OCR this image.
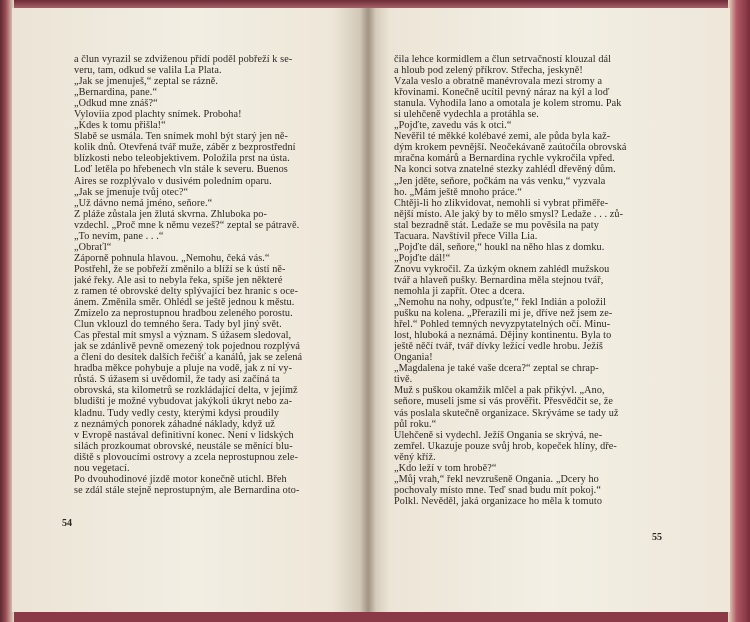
a člun vyrazil se zdviženou přídí poděl pobřeží k se-
veru, tam, odkud se valila La Plata.
„Jak se jmenuješ,“ zeptal se rázně.
„Bernardina, pane.“
„Odkud mne znáš?“
Vyloviia zpod plachty snímek. Proboha!
„Kdes k tomu přišla!“
Slabě se usmála. Ten snímek mohl být starý jen ně-
kolik dnů. Otevřená tvář muže, záběr z bezprostřední
blízkosti nebo teleobjektivem. Položila prst na ústa.
Loď letěla po hřebenech vln stále k severu. Buenos
Aires se rozplývalo v dusivém poledním oparu.
„Jak se jmenuje tvůj otec?“
„Už dávno nemá jméno, seňore.“
Z pláže zůstala jen žlutá skvrna. Zhluboka po-
vzdechl. „Proč mne k němu vezeš?“ zeptal se pátravě.
„To nevím, pane . . .“
„Obraťl“
Záporně pohnula hlavou. „Nemohu, čeká vás.“
Postřehl, že se pobřeží změnilo a blíží se k ústí ně-
jaké řeky. Ale asi to nebyla řeka, spíše jen některé
z ramen té obrovské delty splývající bez hranic s oce-
ánem. Změnila směr. Ohlédl se ještě jednou k městu.
Zmizelo za neprostupnou hradbou zeleného porostu.
Člun vklouzl do temného šera. Tady byl jiný svět.
Čas přestal mít smysl a význam. S úžasem sledoval,
jak se zdánlivě pevně omezený tok pojednou rozplývá
a člení do desítek dalších řečišť a kanálů, jak se zelená
hradba měkce pohybuje a pluje na vodě, jak z ní vy-
růstá. S úžasem si uvědomil, že tady asi začíná ta
obrovská, sta kilometrů se rozkládající delta, v jejímž
bludišti je možné vybudovat jakýkoli úkryt nebo za-
kladnu. Tudy vedly cesty, kterými kdysi proudily
z neznámých ponorek záhadné náklady, když už
v Evropě nastával definitivní konec. Není v lidských
silách prozkoumat obrovské, neustále se měnící blu-
diště s plovoucími ostrovy a zcela neprostupnou zele-
nou vegetací.
Po dvouhodinové jízdě motor konečně utichl. Břeh
se zdál stále stejně neprostupným, ale Bernardina oto-
54
čila lehce kormidlem a člun setrvačností klouzal dál
a hloub pod zelený příkrov. Střecha, jeskyně!
Vzala veslo a obratně manévrovala mezi stromy a
křovinami. Konečně ucítil pevný náraz na kýl a loď
stanula. Vyhodila lano a omotala je kolem stromu. Pak
si ulehčeně vydechla a protáhla se.
„Pojďte, zavedu vás k otci.“
Nevěřil té měkké kolébavé zemi, ale půda byla kaž-
dým krokem pevnější. Neočekávaně zaútočila obrovská
mračna komárů a Bernardina rychle vykročila vpřed.
Na konci sotva znatelné stezky zahlédl dřevěný dům.
„Jen jděte, seňore, počkám na vás venku,“ vyzvala
ho. „Mám ještě mnoho práce.“
Chtěji-li ho zlikvidovat, nemohli si vybrat přiměře-
nější místo. Ale jaký by to mělo smysl? Ledaže . . . zů-
stal bezradně stát. Ledaže se mu pověsila na paty
Tacuara. Navštívil přece Villa Lia.
„Pojďte dál, seňore,“ houkl na něho hlas z domku.
„Pojďte dál!“
Znovu vykročil. Za úzkým oknem zahlédl mužskou
tvář a hlaveň pušky. Bernardina měla stejnou tvář,
nemohla ji zapřít. Otec a dcera.
„Nemohu na nohy, odpusťte,“ řekl Indián a položil
pušku na kolena. „Přerazili mi je, dříve než jsem ze-
hřel.“ Pohled temných nevyzpytatelných očí. Minu-
lost, hluboká a neznámá. Dějiny kontinentu. Byla to
ještě něčí tvář, tvář dívky ležící vedle hrobu. Ježíš
Ongania!
„Magdalena je také vaše dcera?“ zeptal se chrap-
tivě.
Muž s puškou okamžik mlčel a pak přikývl. „Ano,
seňore, museli jsme si vás prověřit. Přesvědčit se, že
vás poslala skutečně organizace. Skrýváme se tady už
půl roku.“
Ulehčeně si vydechl. Ježíš Ongania se skrývá, ne-
zemřel. Ukazuje pouze svůj hrob, kopeček hlíny, dře-
věný kříž.
„Kdo leží v tom hrobě?“
„Můj vrah,“ řekl nevzrušeně Ongania. „Dcery ho
pochovaly místo mne. Teď snad budu mít pokoj.“
Polkl. Nevěděl, jaká organizace ho měla k tomuto
55
